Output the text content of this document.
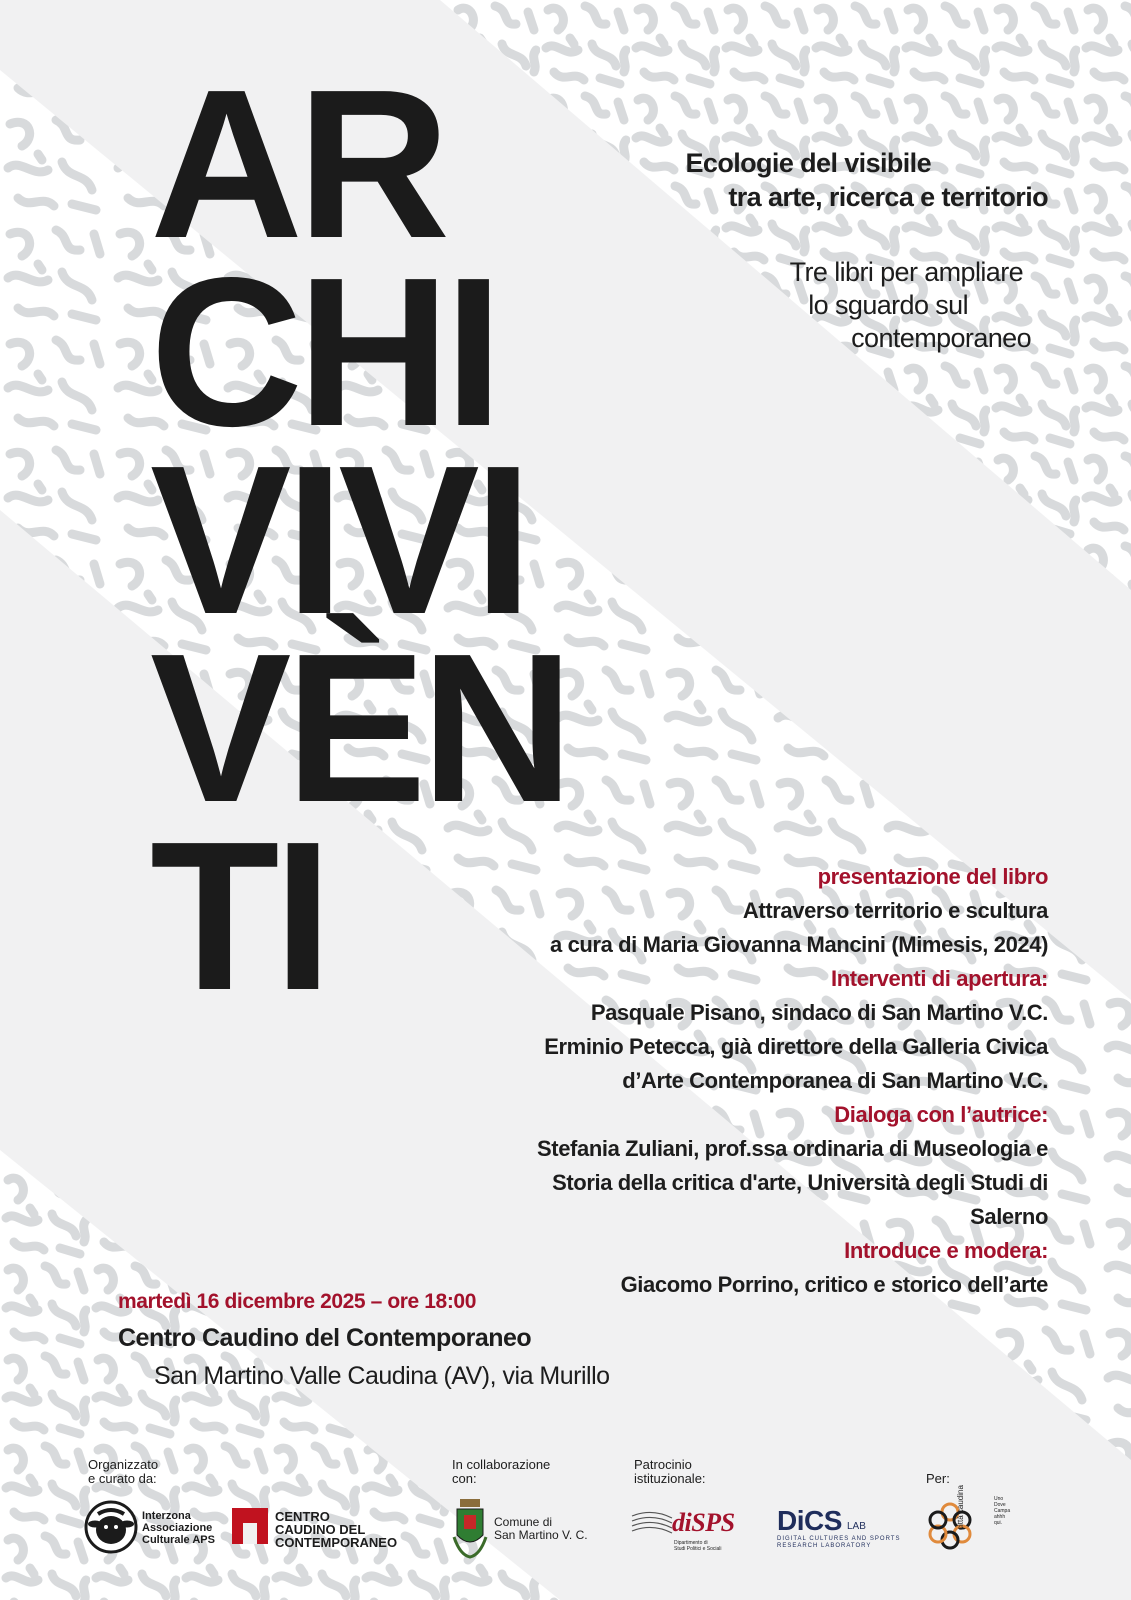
AR
CHI
VIVI
VÈN
TI
Ecologie del visibile
tra arte, ricerca e territorio
Tre libri per ampliare
lo sguardo sul
contemporaneo
presentazione del libro
Attraverso territorio e scultura
a cura di Maria Giovanna Mancini (Mimesis, 2024)
Interventi di apertura:
Pasquale Pisano, sindaco di San Martino V.C.
Erminio Petecca, già direttore della Galleria Civica
d’Arte Contemporanea di San Martino V.C.
Dialoga con l’autrice:
Stefania Zuliani, prof.ssa ordinaria di Museologia e
Storia della critica d'arte, Università degli Studi di
Salerno
Introduce e modera:
Giacomo Porrino, critico e storico dell’arte
martedì 16 dicembre 2025 – ore 18:00
Centro Caudino del Contemporaneo
San Martino Valle Caudina (AV), via Murillo
Organizzato
e curato da:
Interzona
Associazione
Culturale APS
CENTRO
CAUDINO DEL
CONTEMPORANEO
In collaborazione
con:
Comune di
San Martino V. C.
Patrocinio
istituzionale:
diSPS
Dipartimento di
Studi Politici e Sociali
DiCS LAB
DIGITAL CULTURES AND SPORTS
RESEARCH LABORATORY
Per:
città caudina	Uno
Dove
Campa
ahhh
qui.
